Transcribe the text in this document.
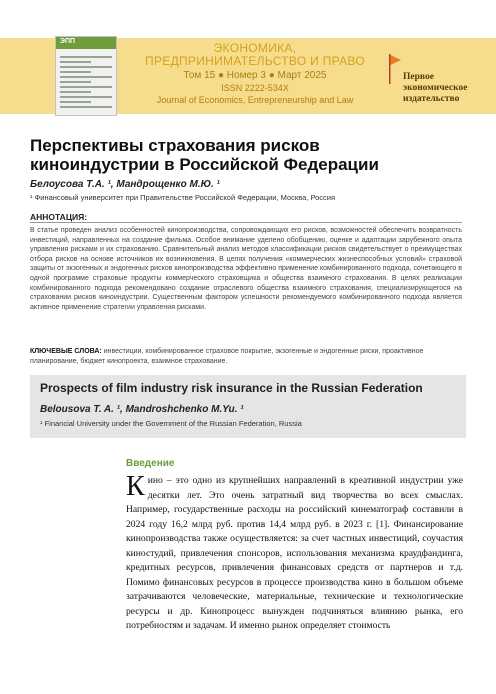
ЭПП	ЭКОНОМИКА,
ПРЕДПРИНИМАТЕЛЬСТВО И ПРАВО
Том 15 ● Номер 3 ● Март 2025
ISSN 2222-534X
Journal of Economics, Entrepreneurship and Law
Первое
экономическое
издательство
Перспективы страхования рисков
киноиндустрии в Российской Федерации
Белоусова Т.А. ¹, Мандрощенко М.Ю. ¹
¹ Финансовый университет при Правительстве Российской Федерации, Москва, Россия
АННОТАЦИЯ:
В статье проведен анализ особенностей кинопроизводства, сопровождающих его рисков, возможностей обеспечить возвратность инвестиций, направленных на создание фильма. Особое внимание уделено обобщению, оценке и адаптации зарубежного опыта управления рисками и их страхованию. Сравнительный анализ методов классификации рисков свидетельствует о преимуществах отбора рисков на основе источников их возникновения. В целях получения «коммерческих жизнеспособных условий» страховой защиты от экзогенных и эндогенных рисков кинопроизводства эффективно применение комбинированного подхода, сочетающего в одной программе страховые продукты коммерческого страховщика и общества взаимного страхования. В целях реализации комбинированного подхода рекомендовано создание отраслевого общества взаимного страхования, специализирующегося на страховании рисков киноиндустрии. Существенным фактором успешности рекомендуемого комбинированного подхода является активное применение стратегии управления рисками.
КЛЮЧЕВЫЕ СЛОВА: инвестиции, комбинированное страховое покрытие, экзогенные и эндогенные риски, проактивное планирование, бюджет кинопроекта, взаимное страхование.
Prospects of film industry risk insurance in the Russian Federation
Belousova T. A. ¹, Mandroshchenko M.Yu. ¹
¹ Financial University under the Government of the Russian Federation, Russia
Введение
Кино – это одно из крупнейших направлений в креативной индустрии уже десятки лет. Это очень затратный вид творчества во всех смыслах. Например, государственные расходы на российский кинематограф составили в 2024 году 16,2 млрд руб. против 14,4 млрд руб. в 2023 г. [1]. Финансирование кинопроизводства также осуществляется: за счет частных инвестиций, соучастия киностудий, привлечения спонсоров, использования механизма краудфандинга, кредитных ресурсов, привлечения финансовых средств от партнеров и т.д. Помимо финансовых ресурсов в процессе производства кино в большом объеме затрачиваются человеческие, материальные, технические и технологические ресурсы и др. Кинопроцесс вынужден подчиняться влиянию рынка, его потребностям и задачам. И именно рынок определяет стоимость
